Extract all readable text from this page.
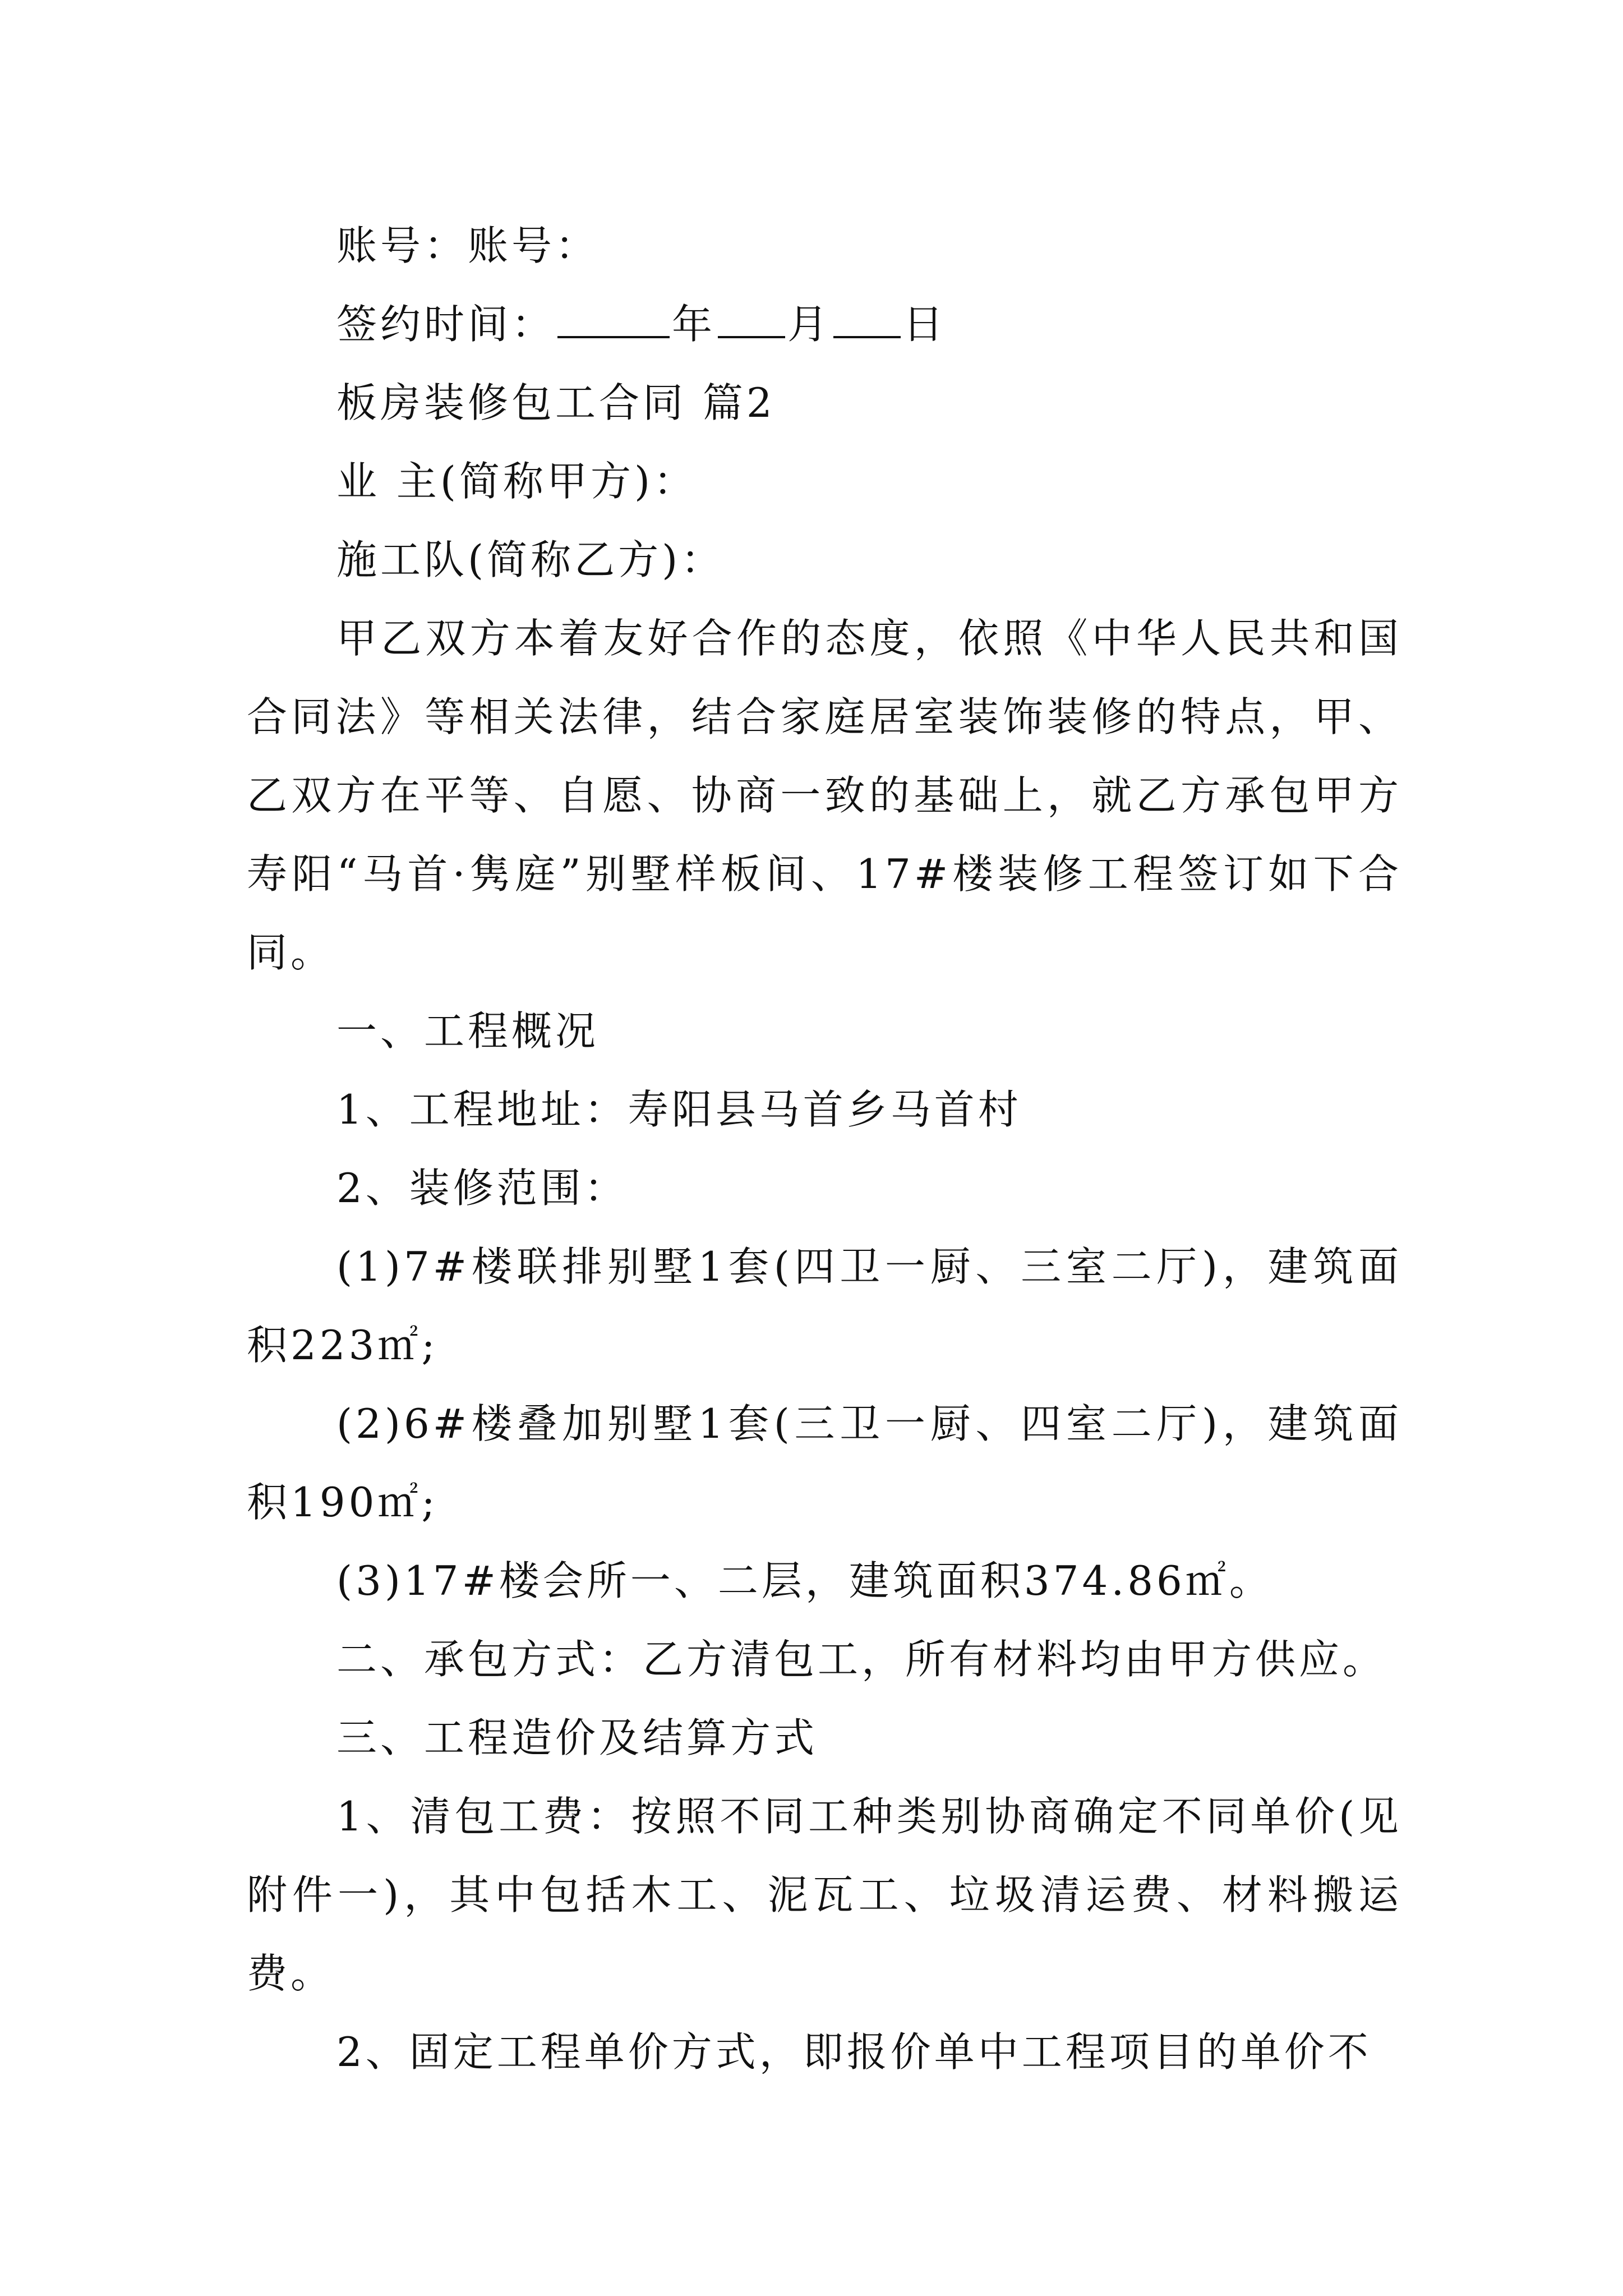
账号：账号：
签约时间：	年 月 日
板房装修包工合同 篇2
业 主(简称甲方)：
施工队(简称乙方)：

甲乙双方本着友好合作的态度，依照《中华人民共和国合同法》等相关法律，结合家庭居室装饰装修的特点，甲、乙双方在平等、自愿、协商一致的基础上，就乙方承包甲方寿阳“马首·隽庭”别墅样板间、17#楼装修工程签订如下合同。

一、工程概况
1、工程地址：寿阳县马首乡马首村
2、装修范围：

(1)7#楼联排别墅1套(四卫一厨、三室二厅)，建筑面积223㎡;

(2)6#楼叠加别墅1套(三卫一厨、四室二厅)，建筑面积190㎡;

(3)17#楼会所一、二层，建筑面积374.86㎡。
二、承包方式：乙方清包工，所有材料均由甲方供应。
三、工程造价及结算方式

1、清包工费：按照不同工种类别协商确定不同单价(见附件一)，其中包括木工、泥瓦工、垃圾清运费、材料搬运费。

2、固定工程单价方式，即报价单中工程项目的单价不
